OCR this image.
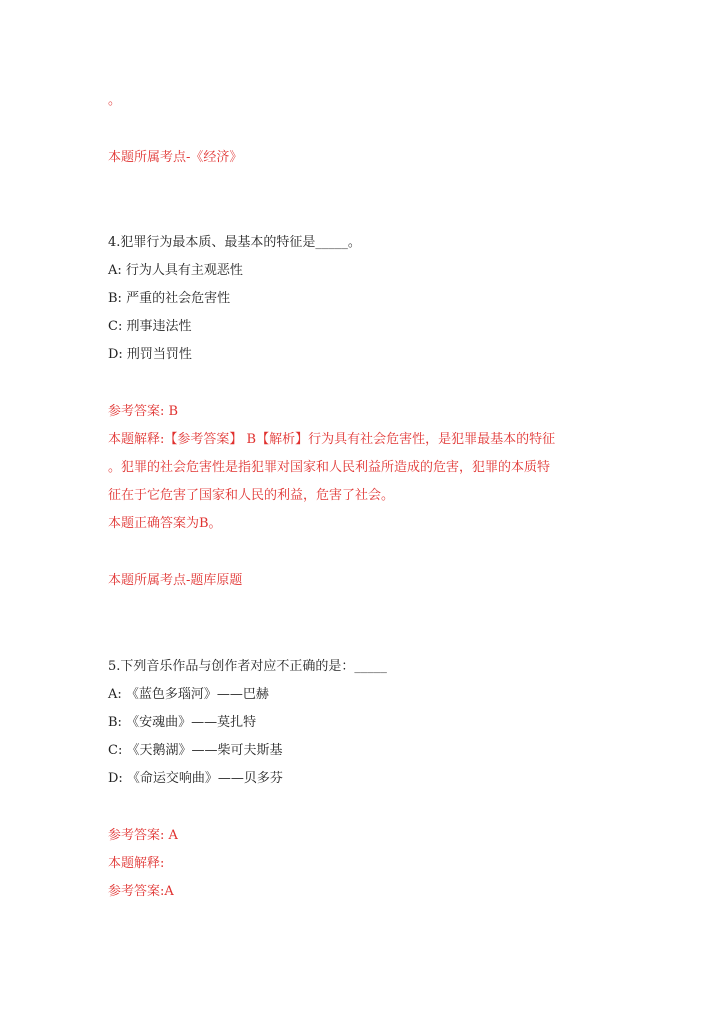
。

本题所属考点-《经济》

4.犯罪行为最本质、最基本的特征是_____。

A: 行为人具有主观恶性

B: 严重的社会危害性

C: 刑事违法性

D: 刑罚当罚性

参考答案: B

本题解释:【参考答案】 B【解析】行为具有社会危害性，是犯罪最基本的特征

。犯罪的社会危害性是指犯罪对国家和人民利益所造成的危害，犯罪的本质特

征在于它危害了国家和人民的利益，危害了社会。

本题正确答案为B。

本题所属考点-题库原题

5.下列音乐作品与创作者对应不正确的是：_____

A: 《蓝色多瑙河》——巴赫

B: 《安魂曲》——莫扎特

C: 《天鹅湖》——柴可夫斯基

D: 《命运交响曲》——贝多芬

参考答案: A

本题解释:

参考答案:A
